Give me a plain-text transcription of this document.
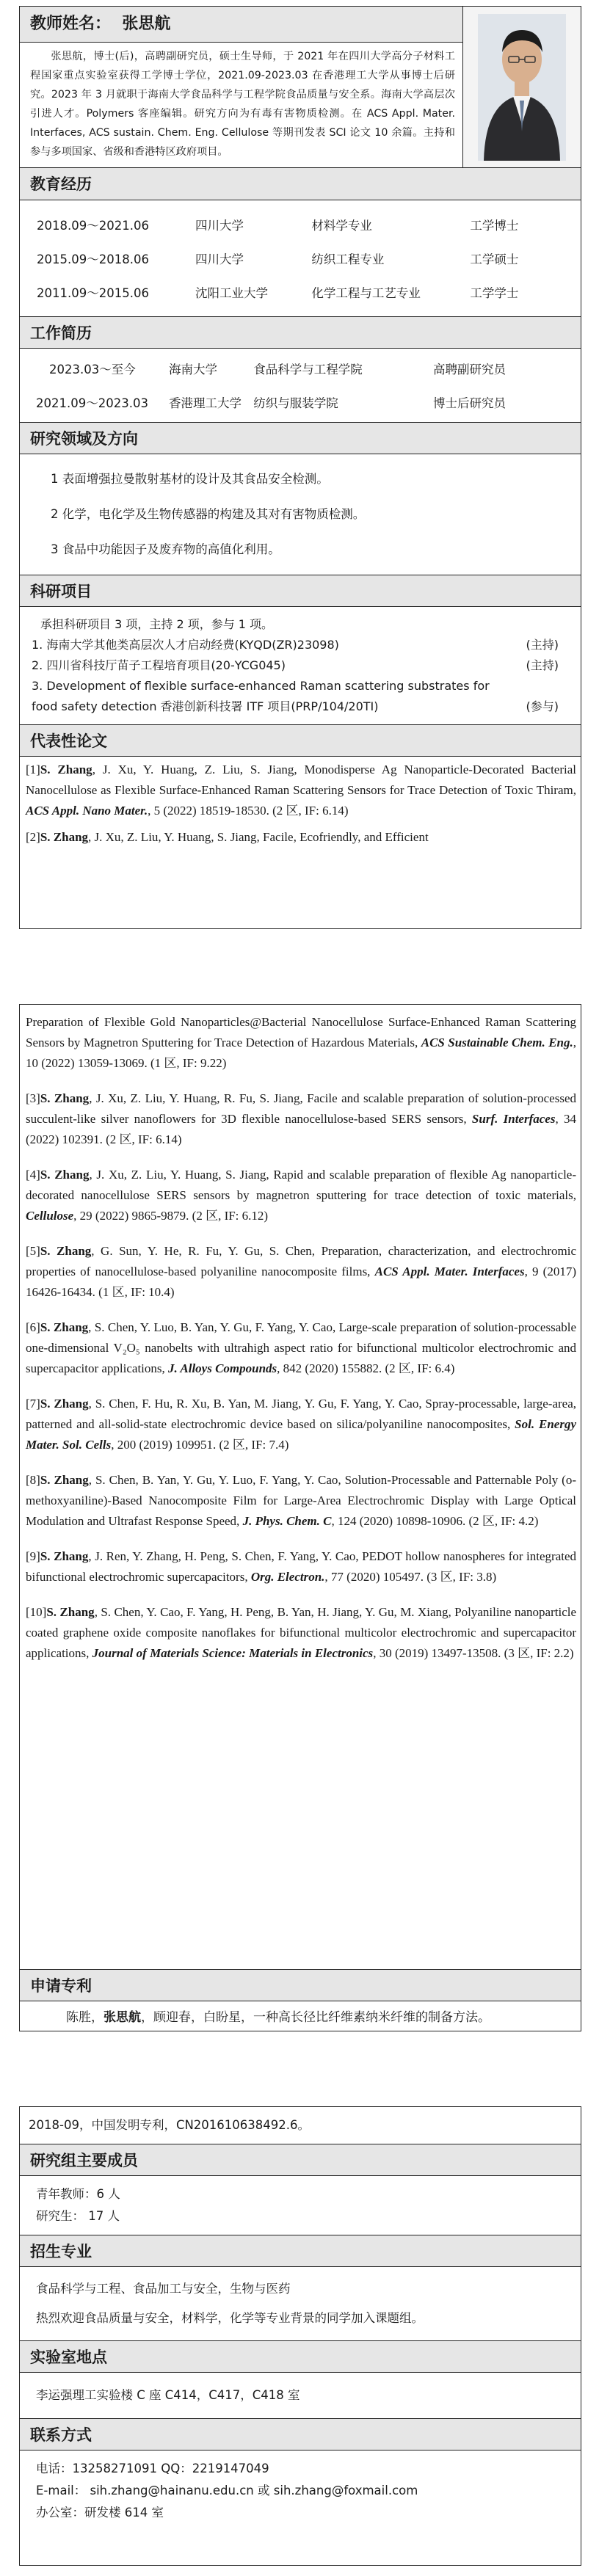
教师姓名： 张思航
张思航，博士(后)，高聘副研究员，硕士生导师，于 2021 年在四川大学高分子材料工程国家重点实验室获得工学博士学位，2021.09-2023.03 在香港理工大学从事博士后研究。2023 年 3 月就职于海南大学食品科学与工程学院食品质量与安全系。海南大学高层次引进人才。Polymers 客座编辑。研究方向为有毒有害物质检测。在 ACS Appl. Mater. Interfaces, ACS sustain. Chem. Eng. Cellulose 等期刊发表 SCI 论文 10 余篇。主持和参与多项国家、省级和香港特区政府项目。
教育经历
2018.09～2021.06	四川大学	材料学专业	工学博士
2015.09～2018.06	四川大学	纺织工程专业	工学硕士
2011.09～2015.06	沈阳工业大学	化学工程与工艺专业	工学学士
工作简历
2023.03～至今	海南大学	食品科学与工程学院	高聘副研究员
2021.09～2023.03	香港理工大学	纺织与服装学院	博士后研究员
研究领域及方向

1 表面增强拉曼散射基材的设计及其食品安全检测。

2 化学，电化学及生物传感器的构建及其对有害物质检测。

3 食品中功能因子及废弃物的高值化利用。

科研项目
承担科研项目 3 项，主持 2 项，参与 1 项。
1. 海南大学其他类高层次人才启动经费(KYQD(ZR)23098)	(主持)
2. 四川省科技厅苗子工程培育项目(20-YCG045)	(主持)
3. Development of flexible surface-enhanced Raman scattering substrates for food safety detection 香港创新科技署 ITF 项目(PRP/104/20TI)	(参与)
代表性论文
[1]S. Zhang, J. Xu, Y. Huang, Z. Liu, S. Jiang, Monodisperse Ag Nanoparticle-Decorated Bacterial Nanocellulose as Flexible Surface-Enhanced Raman Scattering Sensors for Trace Detection of Toxic Thiram, ACS Appl. Nano Mater., 5 (2022) 18519-18530. (2 区, IF: 6.14)
[2]S. Zhang, J. Xu, Z. Liu, Y. Huang, S. Jiang, Facile, Ecofriendly, and Efficient
Preparation of Flexible Gold Nanoparticles@Bacterial Nanocellulose Surface-Enhanced Raman Scattering Sensors by Magnetron Sputtering for Trace Detection of Hazardous Materials, ACS Sustainable Chem. Eng., 10 (2022) 13059-13069. (1 区, IF: 9.22)
[3]S. Zhang, J. Xu, Z. Liu, Y. Huang, R. Fu, S. Jiang, Facile and scalable preparation of solution-processed succulent-like silver nanoflowers for 3D flexible nanocellulose-based SERS sensors, Surf. Interfaces, 34 (2022) 102391. (2 区, IF: 6.14)
[4]S. Zhang, J. Xu, Z. Liu, Y. Huang, S. Jiang, Rapid and scalable preparation of flexible Ag nanoparticle-decorated nanocellulose SERS sensors by magnetron sputtering for trace detection of toxic materials, Cellulose, 29 (2022) 9865-9879. (2 区, IF: 6.12)
[5]S. Zhang, G. Sun, Y. He, R. Fu, Y. Gu, S. Chen, Preparation, characterization, and electrochromic properties of nanocellulose-based polyaniline nanocomposite films, ACS Appl. Mater. Interfaces, 9 (2017) 16426-16434. (1 区, IF: 10.4)
[6]S. Zhang, S. Chen, Y. Luo, B. Yan, Y. Gu, F. Yang, Y. Cao, Large-scale preparation of solution-processable one-dimensional V₂O₅ nanobelts with ultrahigh aspect ratio for bifunctional multicolor electrochromic and supercapacitor applications, J. Alloys Compounds, 842 (2020) 155882. (2 区, IF: 6.4)
[7]S. Zhang, S. Chen, F. Hu, R. Xu, B. Yan, M. Jiang, Y. Gu, F. Yang, Y. Cao, Spray-processable, large-area, patterned and all-solid-state electrochromic device based on silica/polyaniline nanocomposites, Sol. Energy Mater. Sol. Cells, 200 (2019) 109951. (2 区, IF: 7.4)
[8]S. Zhang, S. Chen, B. Yan, Y. Gu, Y. Luo, F. Yang, Y. Cao, Solution-Processable and Patternable Poly (o-methoxyaniline)-Based Nanocomposite Film for Large-Area Electrochromic Display with Large Optical Modulation and Ultrafast Response Speed, J. Phys. Chem. C, 124 (2020) 10898-10906. (2 区, IF: 4.2)
[9]S. Zhang, J. Ren, Y. Zhang, H. Peng, S. Chen, F. Yang, Y. Cao, PEDOT hollow nanospheres for integrated bifunctional electrochromic supercapacitors, Org. Electron., 77 (2020) 105497. (3 区, IF: 3.8)
[10]S. Zhang, S. Chen, Y. Cao, F. Yang, H. Peng, B. Yan, H. Jiang, Y. Gu, M. Xiang, Polyaniline nanoparticle coated graphene oxide composite nanoflakes for bifunctional multicolor electrochromic and supercapacitor applications, Journal of Materials Science: Materials in Electronics, 30 (2019) 13497-13508. (3 区, IF: 2.2)
申请专利
陈胜，张思航，顾迎春，白盼星，一种高长径比纤维素纳米纤维的制备方法。
2018-09，中国发明专利，CN201610638492.6。
研究组主要成员
青年教师：6 人
研究生： 17 人
招生专业
食品科学与工程、食品加工与安全，生物与医药
热烈欢迎食品质量与安全，材料学，化学等专业背景的同学加入课题组。
实验室地点
李运强理工实验楼 C 座 C414，C417，C418 室
联系方式
电话：13258271091 QQ：2219147049
E-mail： sih.zhang@hainanu.edu.cn 或 sih.zhang@foxmail.com
办公室：研发楼 614 室
